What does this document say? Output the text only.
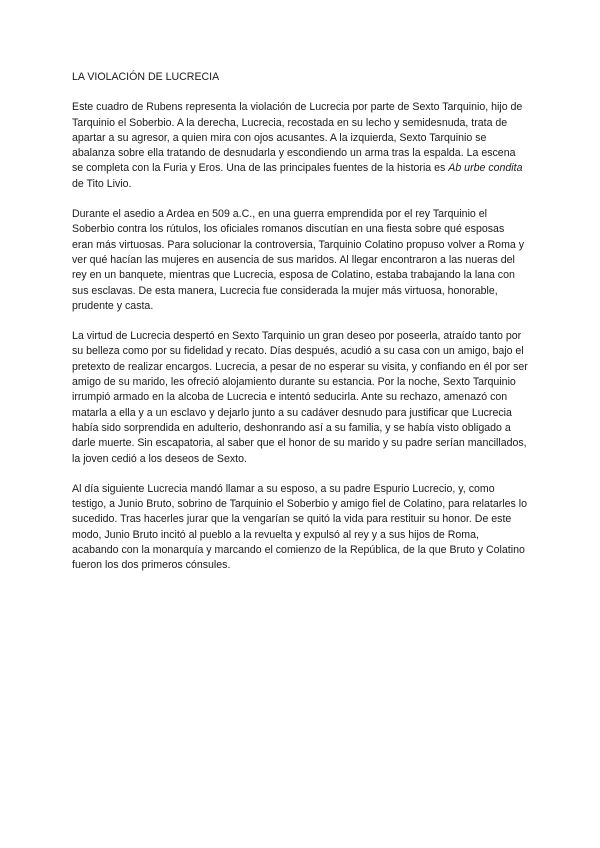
LA VIOLACIÓN DE LUCRECIA

Este cuadro de Rubens representa la violación de Lucrecia por parte de Sexto Tarquinio, hijo de Tarquinio el Soberbio. A la derecha, Lucrecia, recostada en su lecho y semidesnuda, trata de apartar a su agresor, a quien mira con ojos acusantes. A la izquierda, Sexto Tarquinio se abalanza sobre ella tratando de desnudarla y escondiendo un arma tras la espalda. La escena se completa con la Furia y Eros. Una de las principales fuentes de la historia es Ab urbe condita de Tito Livio.

Durante el asedio a Ardea en 509 a.C., en una guerra emprendida por el rey Tarquinio el Soberbio contra los rútulos, los oficiales romanos discutían en una fiesta sobre qué esposas eran más virtuosas. Para solucionar la controversia, Tarquinio Colatino propuso volver a Roma y ver qué hacían las mujeres en ausencia de sus maridos. Al llegar encontraron a las nueras del rey en un banquete, mientras que Lucrecia, esposa de Colatino, estaba trabajando la lana con sus esclavas. De esta manera, Lucrecia fue considerada la mujer más virtuosa, honorable, prudente y casta.

La virtud de Lucrecia despertó en Sexto Tarquinio un gran deseo por poseerla, atraído tanto por su belleza como por su fidelidad y recato. Días después, acudió a su casa con un amigo, bajo el pretexto de realizar encargos. Lucrecia, a pesar de no esperar su visita, y confiando en él por ser amigo de su marido, les ofreció alojamiento durante su estancia. Por la noche, Sexto Tarquinio irrumpió armado en la alcoba de Lucrecia e intentó seducirla. Ante su rechazo, amenazó con matarla a ella y a un esclavo y dejarlo junto a su cadáver desnudo para justificar que Lucrecia había sido sorprendida en adulterio, deshonrando así a su familia, y se había visto obligado a darle muerte. Sin escapatoria, al saber que el honor de su marido y su padre serían mancillados, la joven cedió a los deseos de Sexto.

Al día siguiente Lucrecia mandó llamar a su esposo, a su padre Espurio Lucrecio, y, como testigo, a Junio Bruto, sobrino de Tarquinio el Soberbio y amigo fiel de Colatino, para relatarles lo sucedido. Tras hacerles jurar que la vengarían se quitó la vida para restituir su honor. De este modo, Junio Bruto incitó al pueblo a la revuelta y expulsó al rey y a sus hijos de Roma, acabando con la monarquía y marcando el comienzo de la República, de la que Bruto y Colatino fueron los dos primeros cónsules.
